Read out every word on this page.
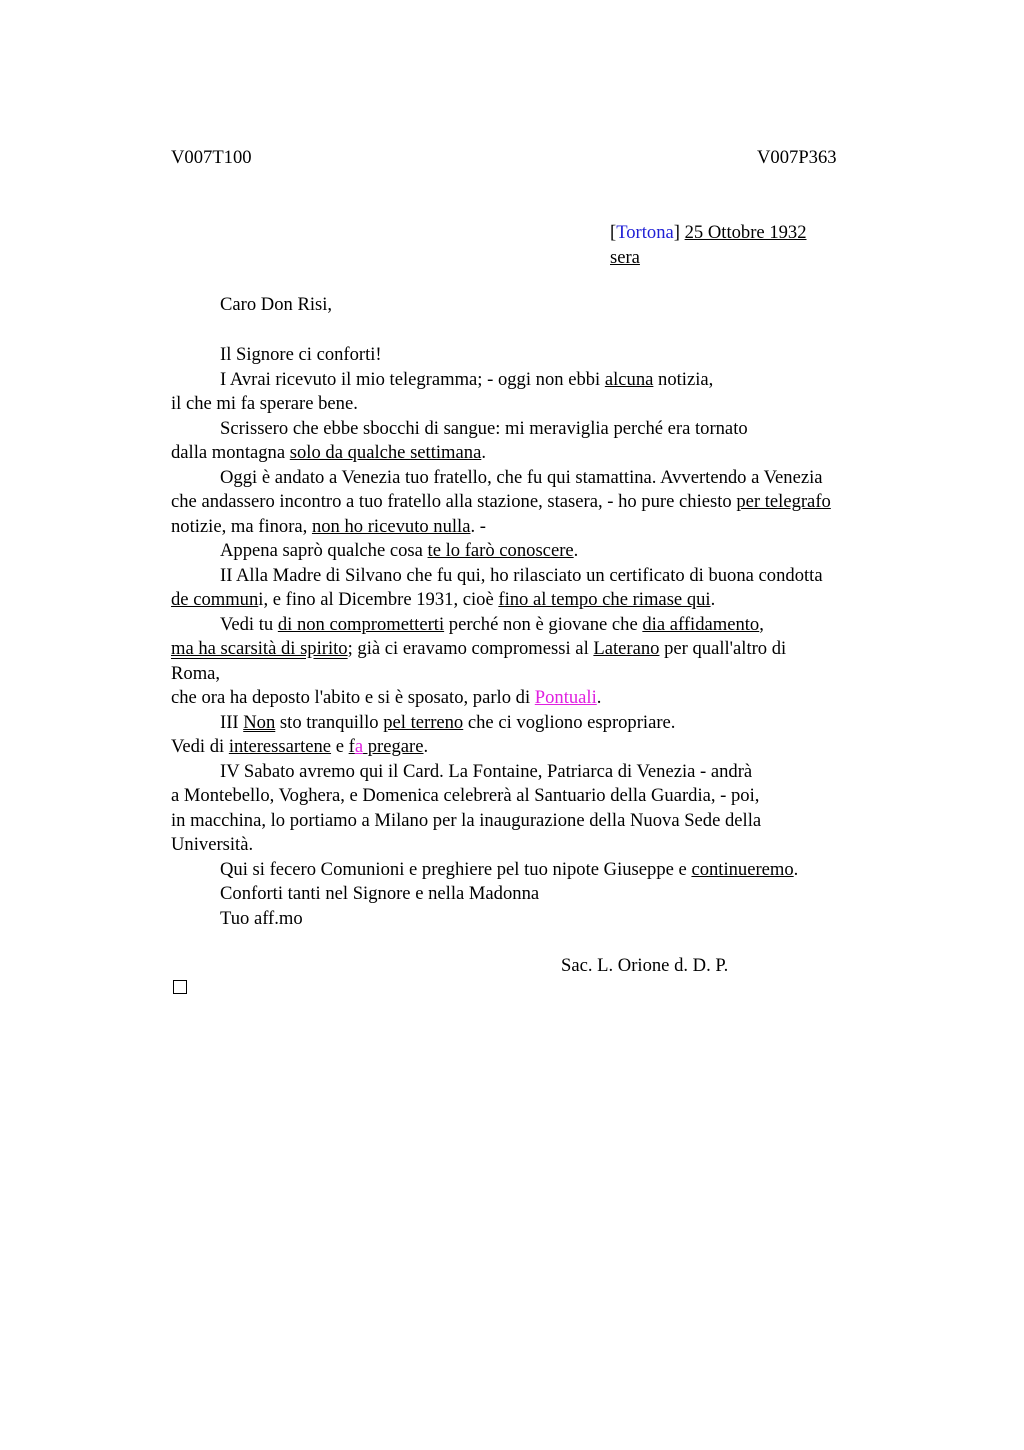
V007T100	V007P363
[Tortona] 25 Ottobre 1932
sera
Caro Don Risi,
Il Signore ci conforti!
I Avrai ricevuto il mio telegramma; - oggi non ebbi alcuna notizia,
il che mi fa sperare bene.
Scrissero che ebbe sbocchi di sangue: mi meraviglia perché era tornato
dalla montagna solo da qualche settimana.
Oggi è andato a Venezia tuo fratello, che fu qui stamattina. Avvertendo a Venezia
che andassero incontro a tuo fratello alla stazione, stasera, - ho pure chiesto per telegrafo
notizie, ma finora, non ho ricevuto nulla. -
Appena saprò qualche cosa te lo farò conoscere.
II Alla Madre di Silvano che fu qui, ho rilasciato un certificato di buona condotta
de communi, e fino al Dicembre 1931, cioè fino al tempo che rimase qui.
Vedi tu di non comprometterti perché non è giovane che dia affidamento,
ma ha scarsità di spirito; già ci eravamo compromessi al Laterano per quall'altro di
Roma,
che ora ha deposto l'abito e si è sposato, parlo di Pontuali.
III Non sto tranquillo pel terreno che ci vogliono espropriare.
Vedi di interessartene e fa pregare.
IV Sabato avremo qui il Card. La Fontaine, Patriarca di Venezia - andrà
a Montebello, Voghera, e Domenica celebrerà al Santuario della Guardia, - poi,
in macchina, lo portiamo a Milano per la inaugurazione della Nuova Sede della
Università.
Qui si fecero Comunioni e preghiere pel tuo nipote Giuseppe e continueremo.
Conforti tanti nel Signore e nella Madonna
Tuo aff.mo
Sac. L. Orione d. D. P.
